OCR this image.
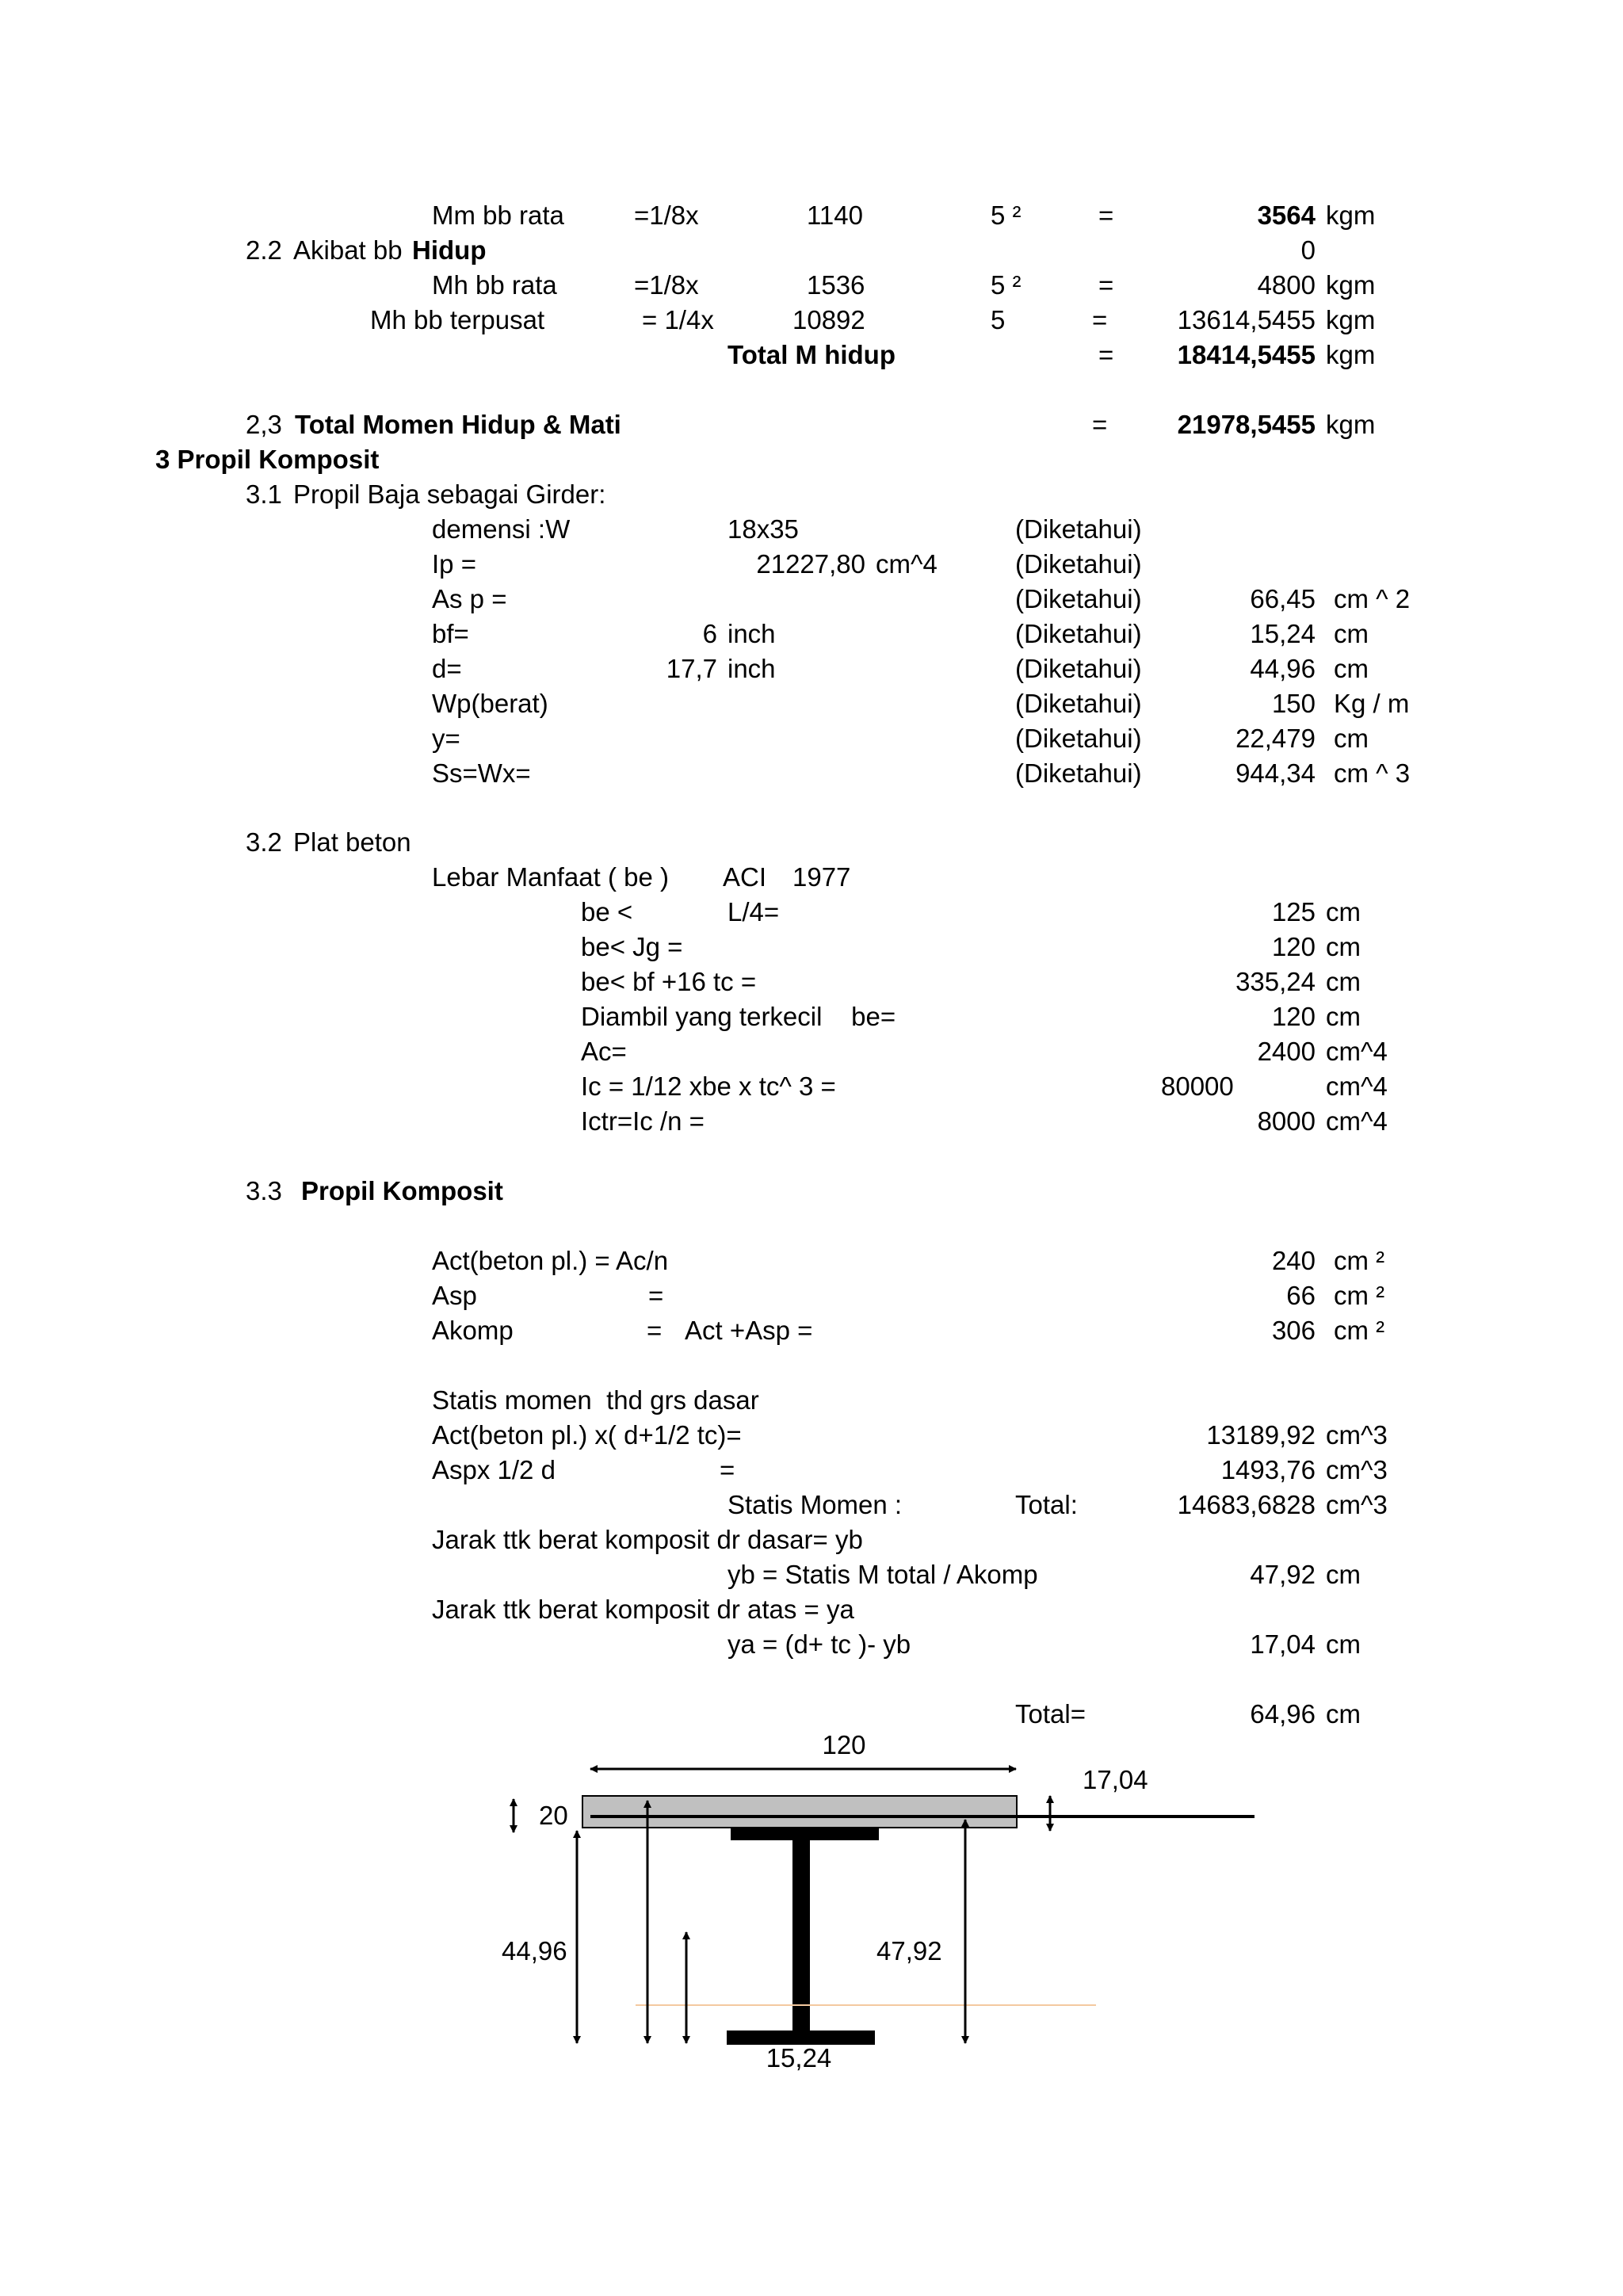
Mm bb rata	=1/8x	1140	5 ²	=	3564 kgm
2.2 Akibat bb Hidup	0
Mh bb rata	=1/8x	1536	5 ²	=	4800 kgm
Mh bb terpusat	= 1/4x	10892	5	=	13614,5455 kgm
Total M hidup	=	18414,5455 kgm
2,3 Total Momen Hidup & Mati	=	21978,5455 kgm
3 Propil Komposit
3.1 Propil Baja sebagai Girder:
demensi :W	18x35	(Diketahui)
Ip =	21227,80 cm^4	(Diketahui)
As p =	(Diketahui)	66,45 cm ^ 2
bf=	6 inch	(Diketahui)	15,24 cm
d=	17,7 inch	(Diketahui)	44,96 cm
Wp(berat)	(Diketahui)	150 Kg / m
y=	(Diketahui)	22,479 cm
Ss=Wx=	(Diketahui)	944,34 cm ^ 3
3.2 Plat beton
Lebar Manfaat ( be ) ACI 1977
be <	L/4=	125 cm
be< Jg =	120 cm
be< bf +16 tc =	335,24 cm
Diambil yang terkecil    be=	120 cm
Ac=	2400 cm^4
Ic = 1/12 xbe x tc^ 3 =	80000	cm^4
Ictr=Ic /n =	8000 cm^4
3.3 Propil Komposit
Act(beton pl.) = Ac/n	240 cm ²
Asp	=	66 cm ²
Akomp	= Act +Asp =	306 cm ²
Statis momen  thd grs dasar
Act(beton pl.) x( d+1/2 tc)=	13189,92 cm^3
Aspx 1/2 d	=	1493,76 cm^3
Statis Momen :	Total:	14683,6828 cm^3
Jarak ttk berat komposit dr dasar= yb
yb = Statis M total / Akomp	47,92 cm
Jarak ttk berat komposit dr atas = ya
ya = (d+ tc )- yb	17,04 cm
Total=	64,96 cm
120
20
17,04
44,96	47,92
15,24
